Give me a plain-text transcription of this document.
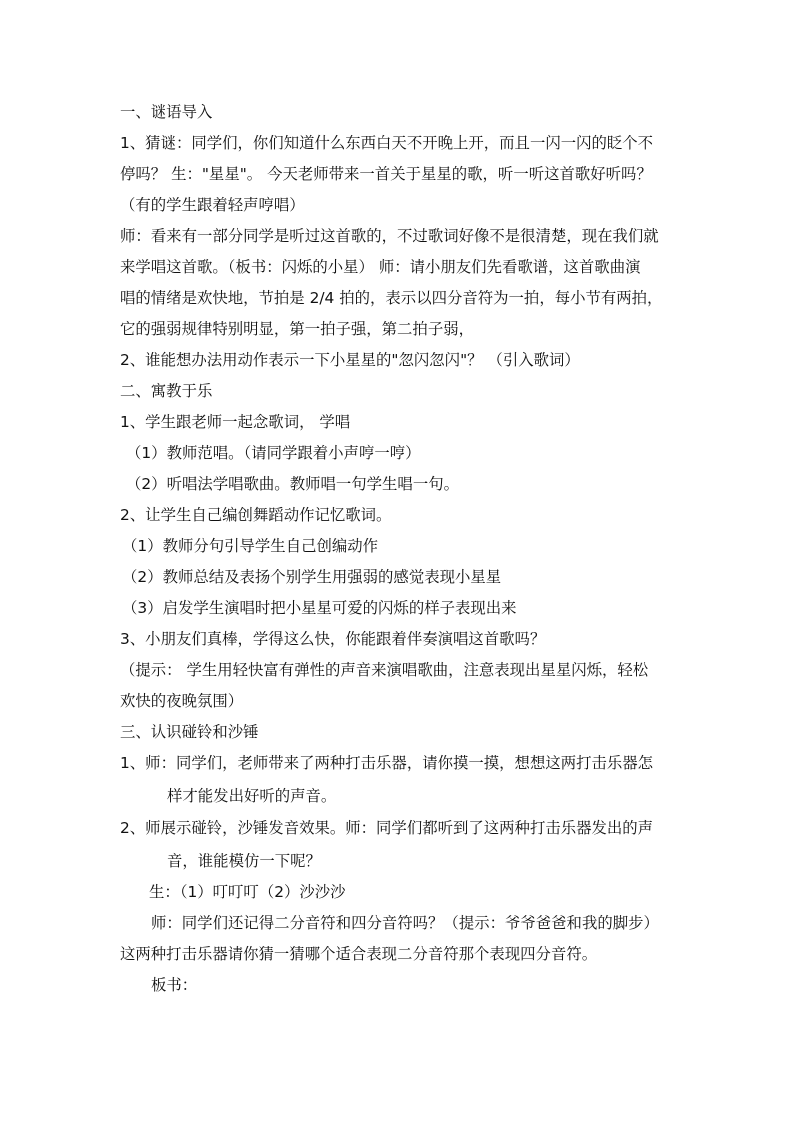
一、谜语导入
1、猜谜：同学们，你们知道什么东西白天不开晚上开，而且一闪一闪的眨个不
停吗？ 生："星星"。 今天老师带来一首关于星星的歌，听一听这首歌好听吗？
（有的学生跟着轻声哼唱）
师：看来有一部分同学是听过这首歌的，不过歌词好像不是很清楚，现在我们就
来学唱这首歌。（板书：闪烁的小星） 师：请小朋友们先看歌谱，这首歌曲演
唱的情绪是欢快地，节拍是 2/4 拍的，表示以四分音符为一拍，每小节有两拍，
它的强弱规律特别明显，第一拍子强，第二拍子弱，
2、谁能想办法用动作表示一下小星星的"忽闪忽闪"？ （引入歌词）
二、寓教于乐
1、学生跟老师一起念歌词， 学唱
（1）教师范唱。（请同学跟着小声哼一哼）
（2）听唱法学唱歌曲。教师唱一句学生唱一句。
2、让学生自己编创舞蹈动作记忆歌词。
（1）教师分句引导学生自己创编动作
（2）教师总结及表扬个别学生用强弱的感觉表现小星星
（3）启发学生演唱时把小星星可爱的闪烁的样子表现出来
3、小朋友们真棒，学得这么快，你能跟着伴奏演唱这首歌吗？
（提示： 学生用轻快富有弹性的声音来演唱歌曲，注意表现出星星闪烁，轻松
欢快的夜晚氛围）
三、认识碰铃和沙锤
1、师：同学们，老师带来了两种打击乐器，请你摸一摸，想想这两打击乐器怎
样才能发出好听的声音。
2、师展示碰铃，沙锤发音效果。师：同学们都听到了这两种打击乐器发出的声
音，谁能模仿一下呢？
生：（1）叮叮叮（2）沙沙沙
师：同学们还记得二分音符和四分音符吗？（提示：爷爷爸爸和我的脚步）
这两种打击乐器请你猜一猜哪个适合表现二分音符那个表现四分音符。
板书：
